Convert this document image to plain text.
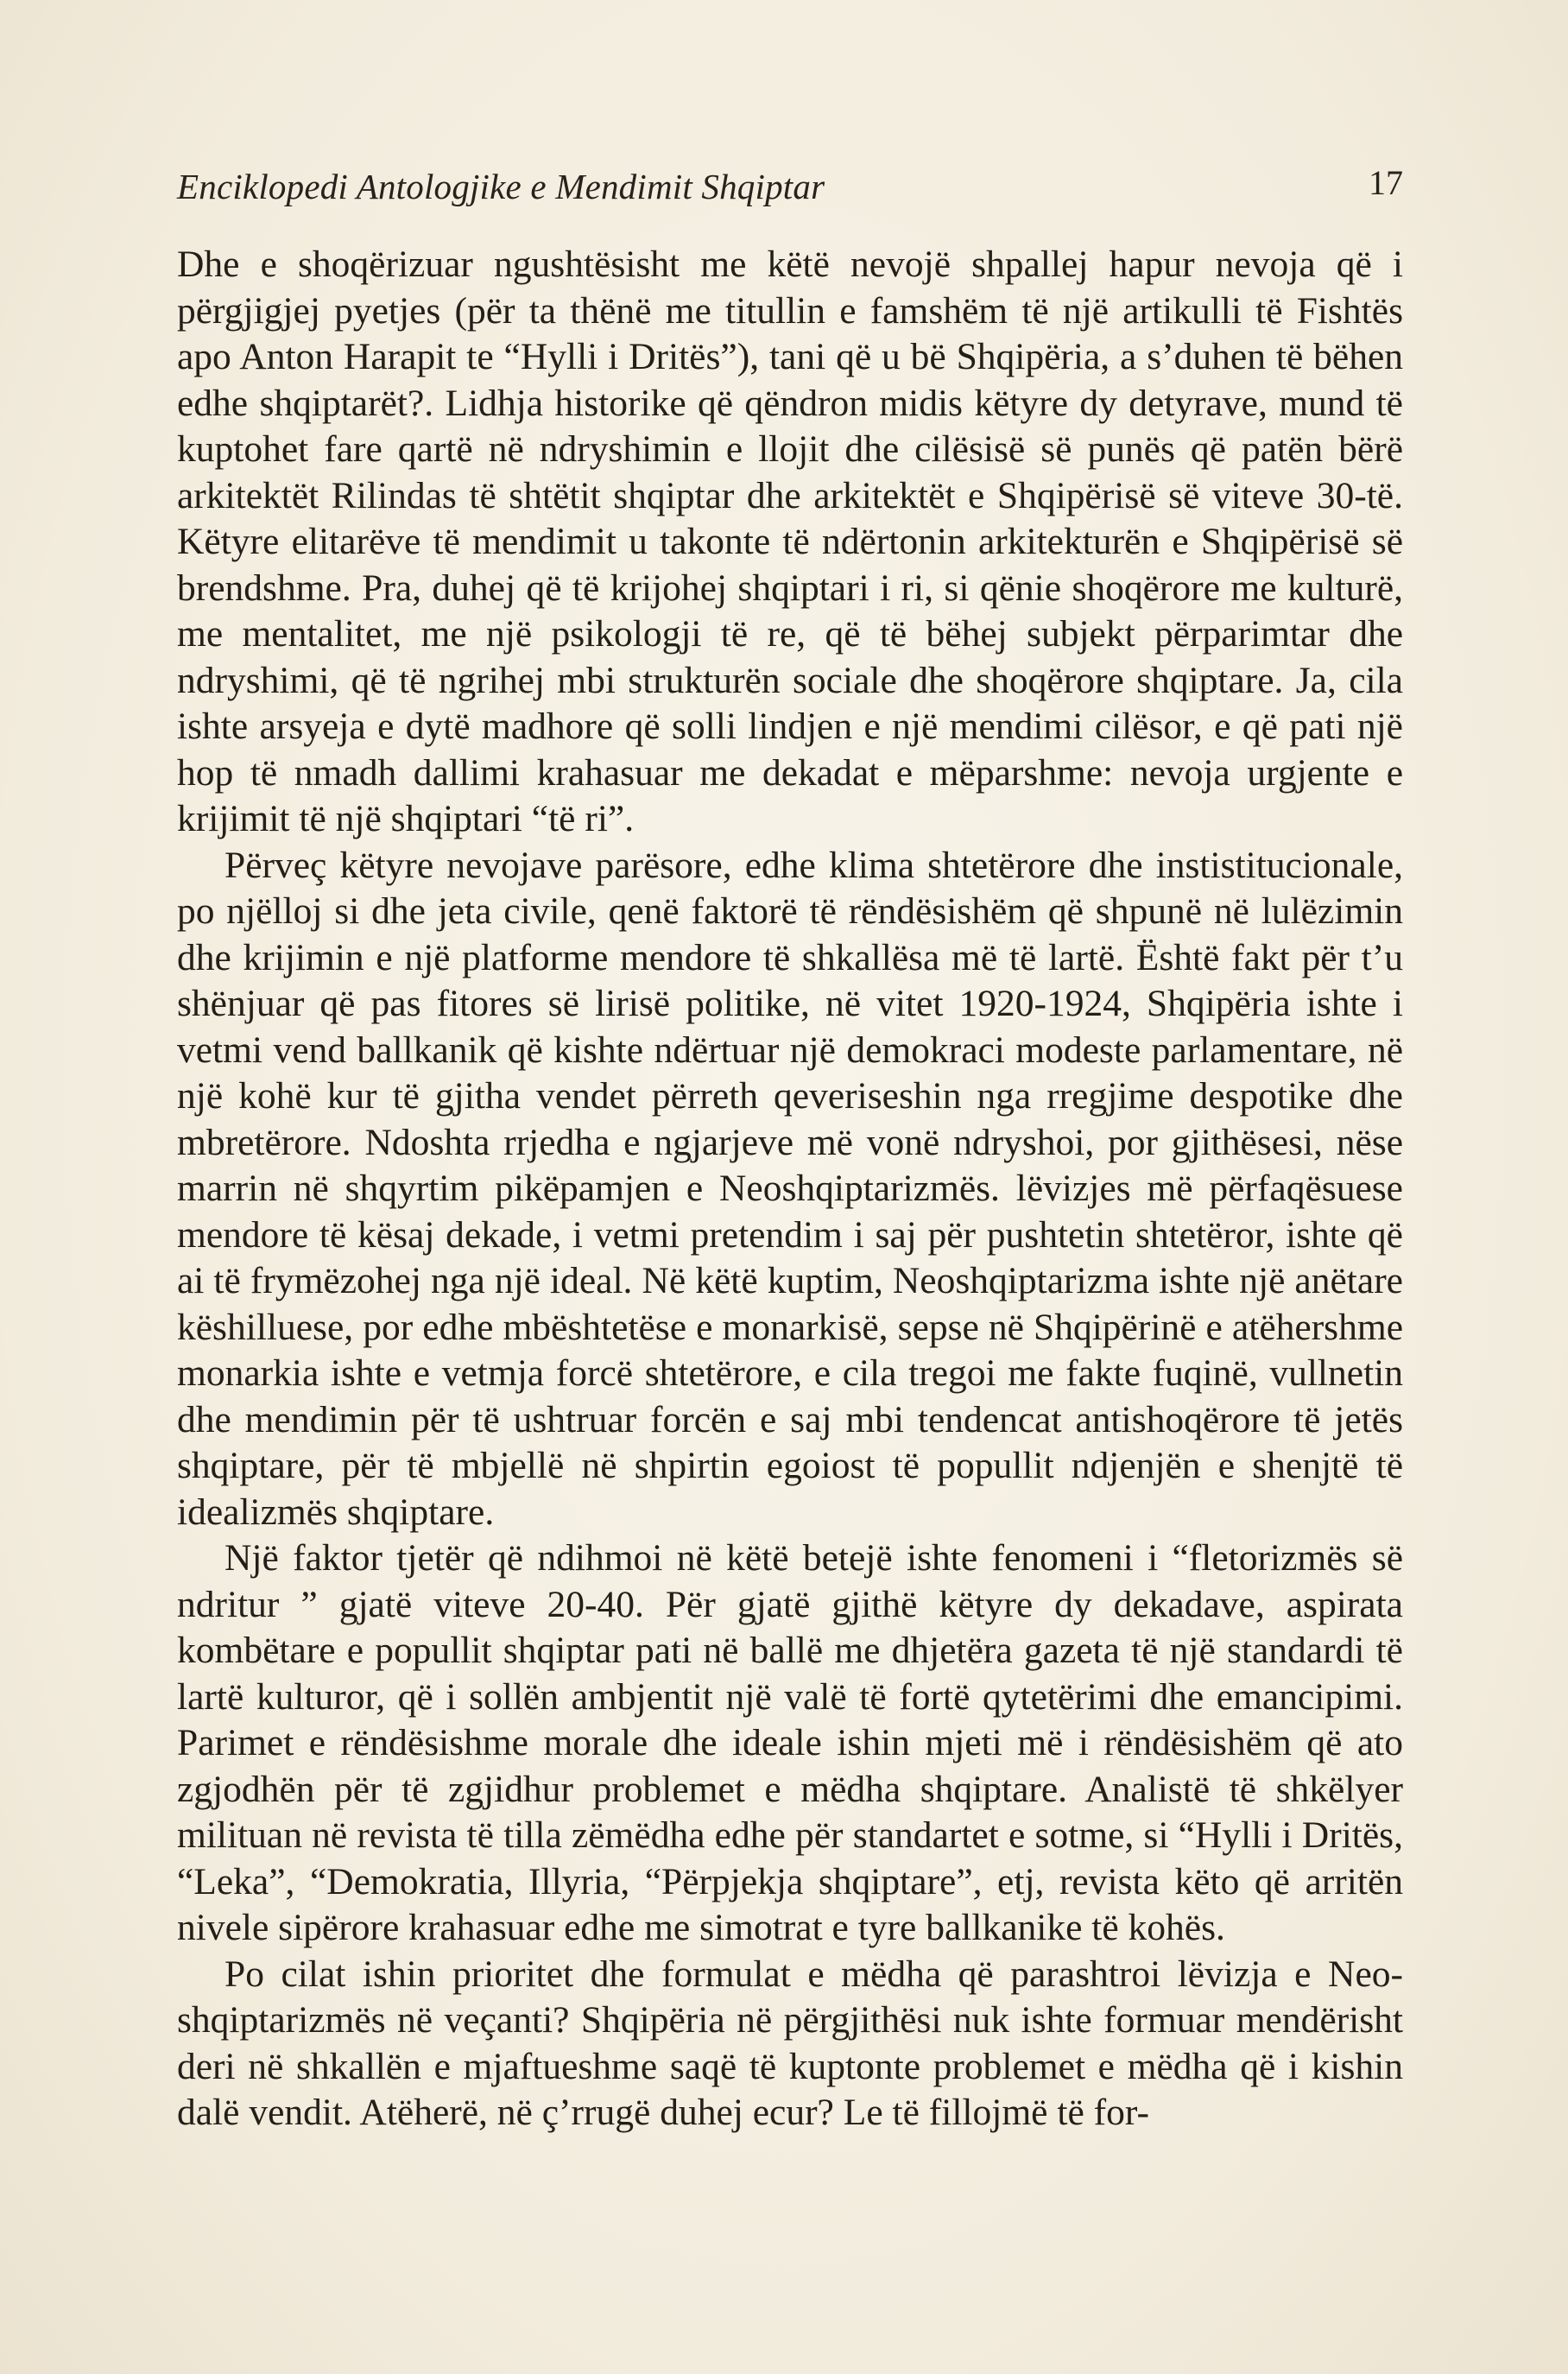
Enciklopedi Antologjike e Mendimit Shqiptar	17

Dhe e shoqërizuar ngushtësisht me këtë nevojë shpallej hapur nevoja që i përgjigjej pyetjes (për ta thënë me titullin e famshëm të një artikulli të Fishtës apo Anton Harapit te “Hylli i Dritës”), tani që u bë Shqipëria, a s’duhen të bëhen edhe shqiptarët?. Lidhja historike që qëndron midis këtyre dy detyrave, mund të kuptohet fare qartë në ndryshimin e llojit dhe cilësisë së punës që patën bërë arkitektët Rilindas të shtëtit shqiptar dhe arkitektët e Shqipërisë së viteve 30-të. Këtyre elitarëve të mendimit u takonte të ndërtonin arkitekturën e Shqipërisë së brendshme. Pra, duhej që të krijohej shqiptari i ri, si qënie shoqërore me kulturë, me mentalitet, me një psikologji të re, që të bëhej subjekt përparimtar dhe ndryshimi, që të ngrihej mbi strukturën sociale dhe shoqërore shqiptare. Ja, cila ishte arsyeja e dytë madhore që solli lindjen e një mendimi cilësor, e që pati një hop të nmadh dallimi krahasuar me dekadat e mëparshme: nevoja urgjente e krijimit të një shqiptari “të ri”.

Përveç këtyre nevojave parësore, edhe klima shtetërore dhe instistitucionale, po njëlloj si dhe jeta civile, qenë faktorë të rëndësishëm që shpunë në lulëzimin dhe krijimin e një platforme mendore të shkallësa më të lartë. Është fakt për t’u shënjuar që pas fitores së lirisë politike, në vitet 1920-1924, Shqipëria ishte i vetmi vend ballkanik që kishte ndërtuar një demokraci modeste parlamentare, në një kohë kur të gjitha vendet përreth qeveriseshin nga rregjime despotike dhe mbretërore. Ndoshta rrjedha e ngjarjeve më vonë ndryshoi, por gjithësesi, nëse marrin në shqyrtim pikëpamjen e Neoshqiptarizmës. lëvizjes më përfaqësuese mendore të kësaj dekade, i vetmi pretendim i saj për pushtetin shtetëror, ishte që ai të frymëzohej nga një ideal. Në këtë kuptim, Neoshqiptarizma ishte një anëtare këshilluese, por edhe mbështetëse e monarkisë, sepse në Shqipërinë e atëhershme monarkia ishte e vetmja forcë shtetërore, e cila tregoi me fakte fuqinë, vullnetin dhe mendimin për të ushtruar forcën e saj mbi tendencat antishoqërore të jetës shqiptare, për të mbjellë në shpirtin egoiost të popullit ndjenjën e shenjtë të idealizmës shqiptare.

Një faktor tjetër që ndihmoi në këtë betejë ishte fenomeni i “fletorizmës së ndritur ” gjatë viteve 20-40. Për gjatë gjithë këtyre dy dekadave, aspirata kombëtare e popullit shqiptar pati në ballë me dhjetëra gazeta të një standardi të lartë kulturor, që i sollën ambjentit një valë të fortë qytetërimi dhe emancipimi. Parimet e rëndësishme morale dhe ideale ishin mjeti më i rëndësishëm që ato zgjodhën për të zgjidhur problemet e mëdha shqiptare. Analistë të shkëlyer milituan në revista të tilla zëmëdha edhe për standartet e sotme, si “Hylli i Dritës, “Leka”, “Demokratia, Illyria, “Përpjekja shqiptare”, etj, revista këto që arritën nivele sipërore krahasuar edhe me simotrat e tyre ballkanike të kohës.

Po cilat ishin prioritet dhe formulat e mëdha që parashtroi lëvizja e Neoshqiptarizmës në veçanti? Shqipëria në përgjithësi nuk ishte formuar mendërisht deri në shkallën e mjaftueshme saqë të kuptonte problemet e mëdha që i kishin dalë vendit. Atëherë, në ç’rrugë duhej ecur? Le të fillojmë të for-
